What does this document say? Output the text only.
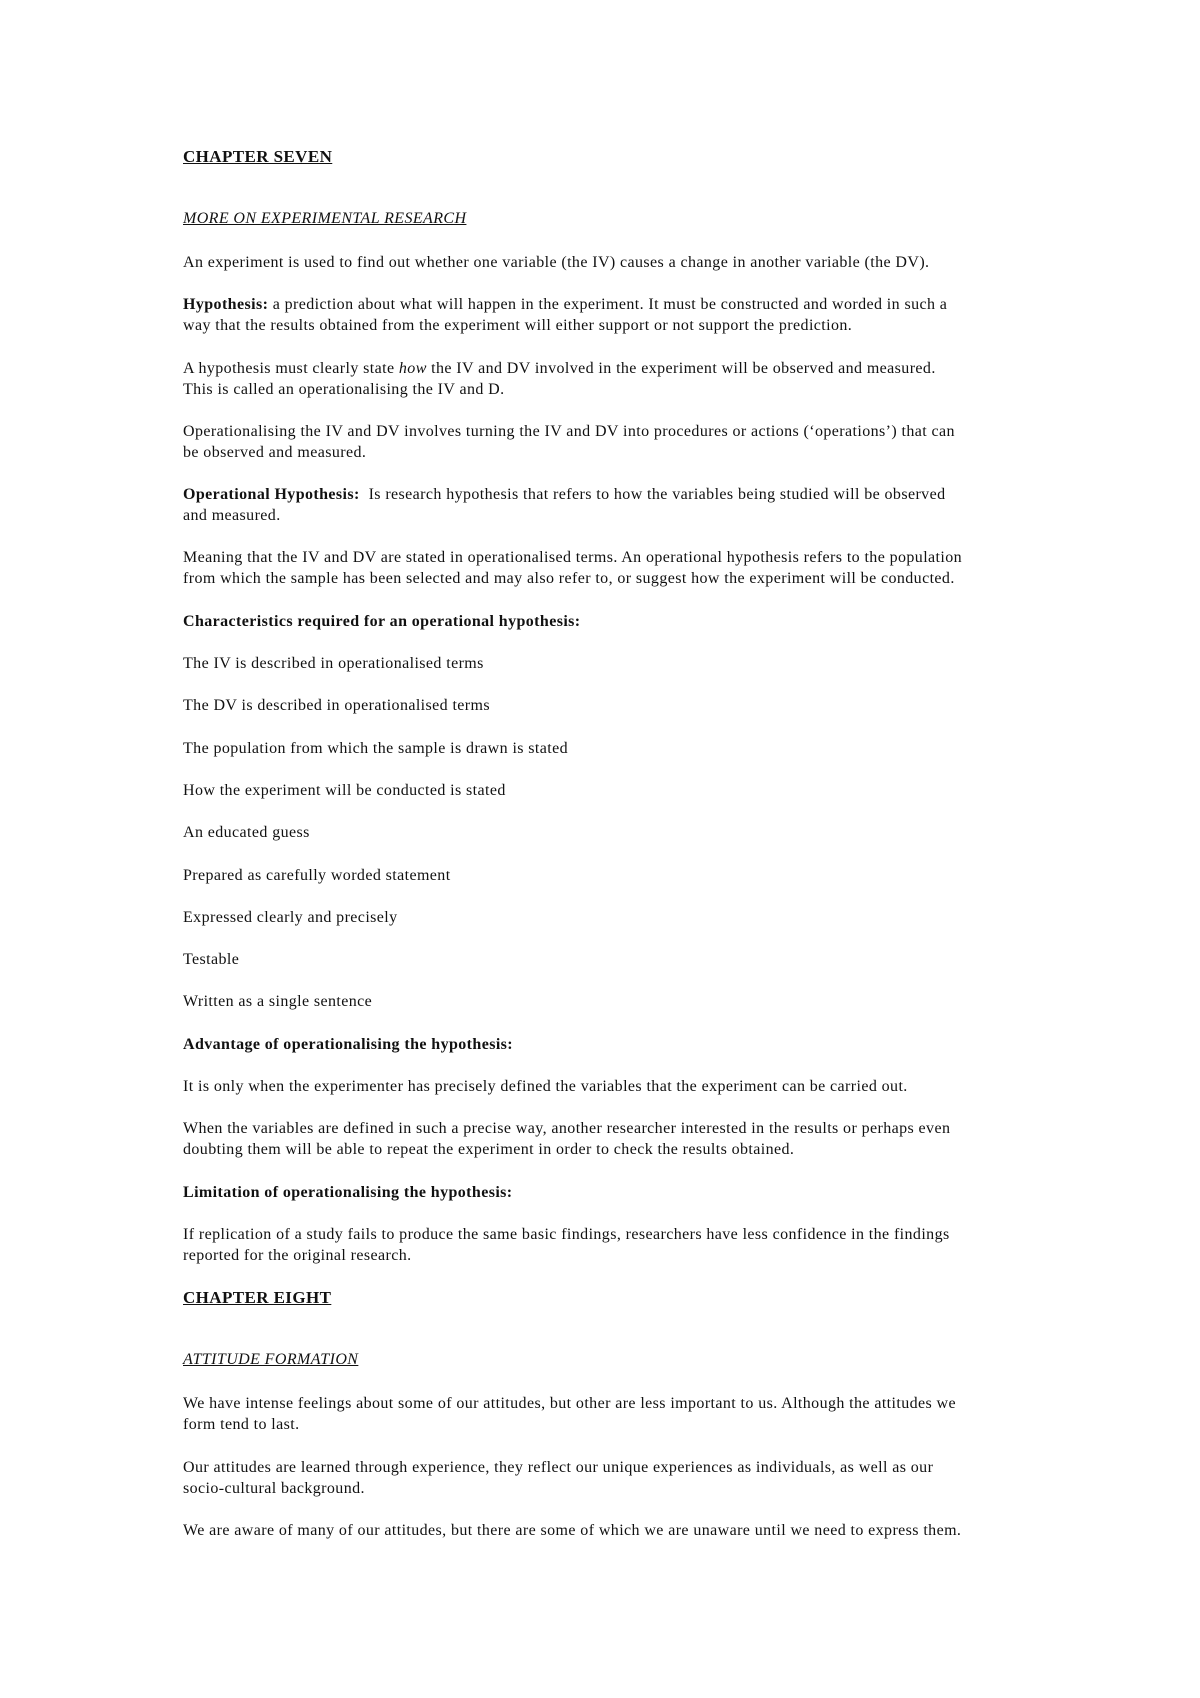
CHAPTER SEVEN
MORE ON EXPERIMENTAL RESEARCH
An experiment is used to find out whether one variable (the IV) causes a change in another variable (the DV).
Hypothesis: a prediction about what will happen in the experiment. It must be constructed and worded in such a
way that the results obtained from the experiment will either support or not support the prediction.
A hypothesis must clearly state how the IV and DV involved in the experiment will be observed and measured.
This is called an operationalising the IV and D.
Operationalising the IV and DV involves turning the IV and DV into procedures or actions (‘operations’) that can
be observed and measured.
Operational Hypothesis:  Is research hypothesis that refers to how the variables being studied will be observed
and measured.
Meaning that the IV and DV are stated in operationalised terms. An operational hypothesis refers to the population
from which the sample has been selected and may also refer to, or suggest how the experiment will be conducted.
Characteristics required for an operational hypothesis:
The IV is described in operationalised terms
The DV is described in operationalised terms
The population from which the sample is drawn is stated
How the experiment will be conducted is stated
An educated guess
Prepared as carefully worded statement
Expressed clearly and precisely
Testable
Written as a single sentence
Advantage of operationalising the hypothesis:
It is only when the experimenter has precisely defined the variables that the experiment can be carried out.
When the variables are defined in such a precise way, another researcher interested in the results or perhaps even
doubting them will be able to repeat the experiment in order to check the results obtained.
Limitation of operationalising the hypothesis:
If replication of a study fails to produce the same basic findings, researchers have less confidence in the findings
reported for the original research.
CHAPTER EIGHT
ATTITUDE FORMATION
We have intense feelings about some of our attitudes, but other are less important to us. Although the attitudes we
form tend to last.
Our attitudes are learned through experience, they reflect our unique experiences as individuals, as well as our
socio-cultural background.
We are aware of many of our attitudes, but there are some of which we are unaware until we need to express them.
